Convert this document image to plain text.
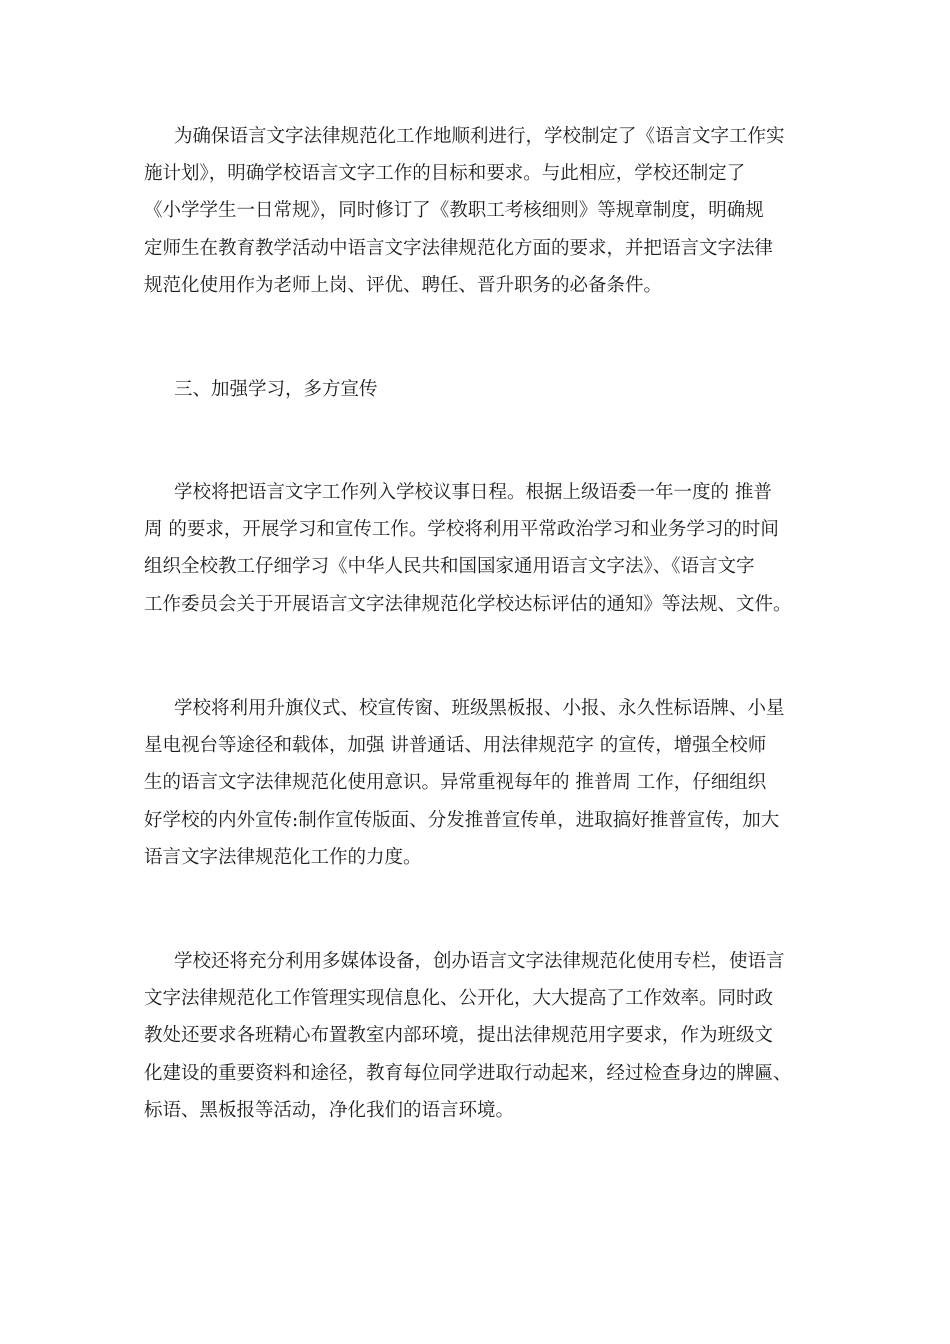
为确保语言文字法律规范化工作地顺利进行，学校制定了《语言文字工作实
施计划》，明确学校语言文字工作的目标和要求。与此相应，学校还制定了
《小学学生一日常规》，同时修订了《教职工考核细则》等规章制度，明确规
定师生在教育教学活动中语言文字法律规范化方面的要求，并把语言文字法律
规范化使用作为老师上岗、评优、聘任、晋升职务的必备条件。

三、加强学习，多方宣传

学校将把语言文字工作列入学校议事日程。根据上级语委一年一度的 推普
周 的要求，开展学习和宣传工作。学校将利用平常政治学习和业务学习的时间
组织全校教工仔细学习《中华人民共和国国家通用语言文字法》、《语言文字
工作委员会关于开展语言文字法律规范化学校达标评估的通知》等法规、文件。

学校将利用升旗仪式、校宣传窗、班级黑板报、小报、永久性标语牌、小星
星电视台等途径和载体，加强 讲普通话、用法律规范字 的宣传，增强全校师
生的语言文字法律规范化使用意识。异常重视每年的 推普周 工作，仔细组织
好学校的内外宣传:制作宣传版面、分发推普宣传单，进取搞好推普宣传，加大
语言文字法律规范化工作的力度。

学校还将充分利用多媒体设备，创办语言文字法律规范化使用专栏，使语言
文字法律规范化工作管理实现信息化、公开化，大大提高了工作效率。同时政
教处还要求各班精心布置教室内部环境，提出法律规范用字要求，作为班级文
化建设的重要资料和途径，教育每位同学进取行动起来，经过检查身边的牌匾、
标语、黑板报等活动，净化我们的语言环境。
